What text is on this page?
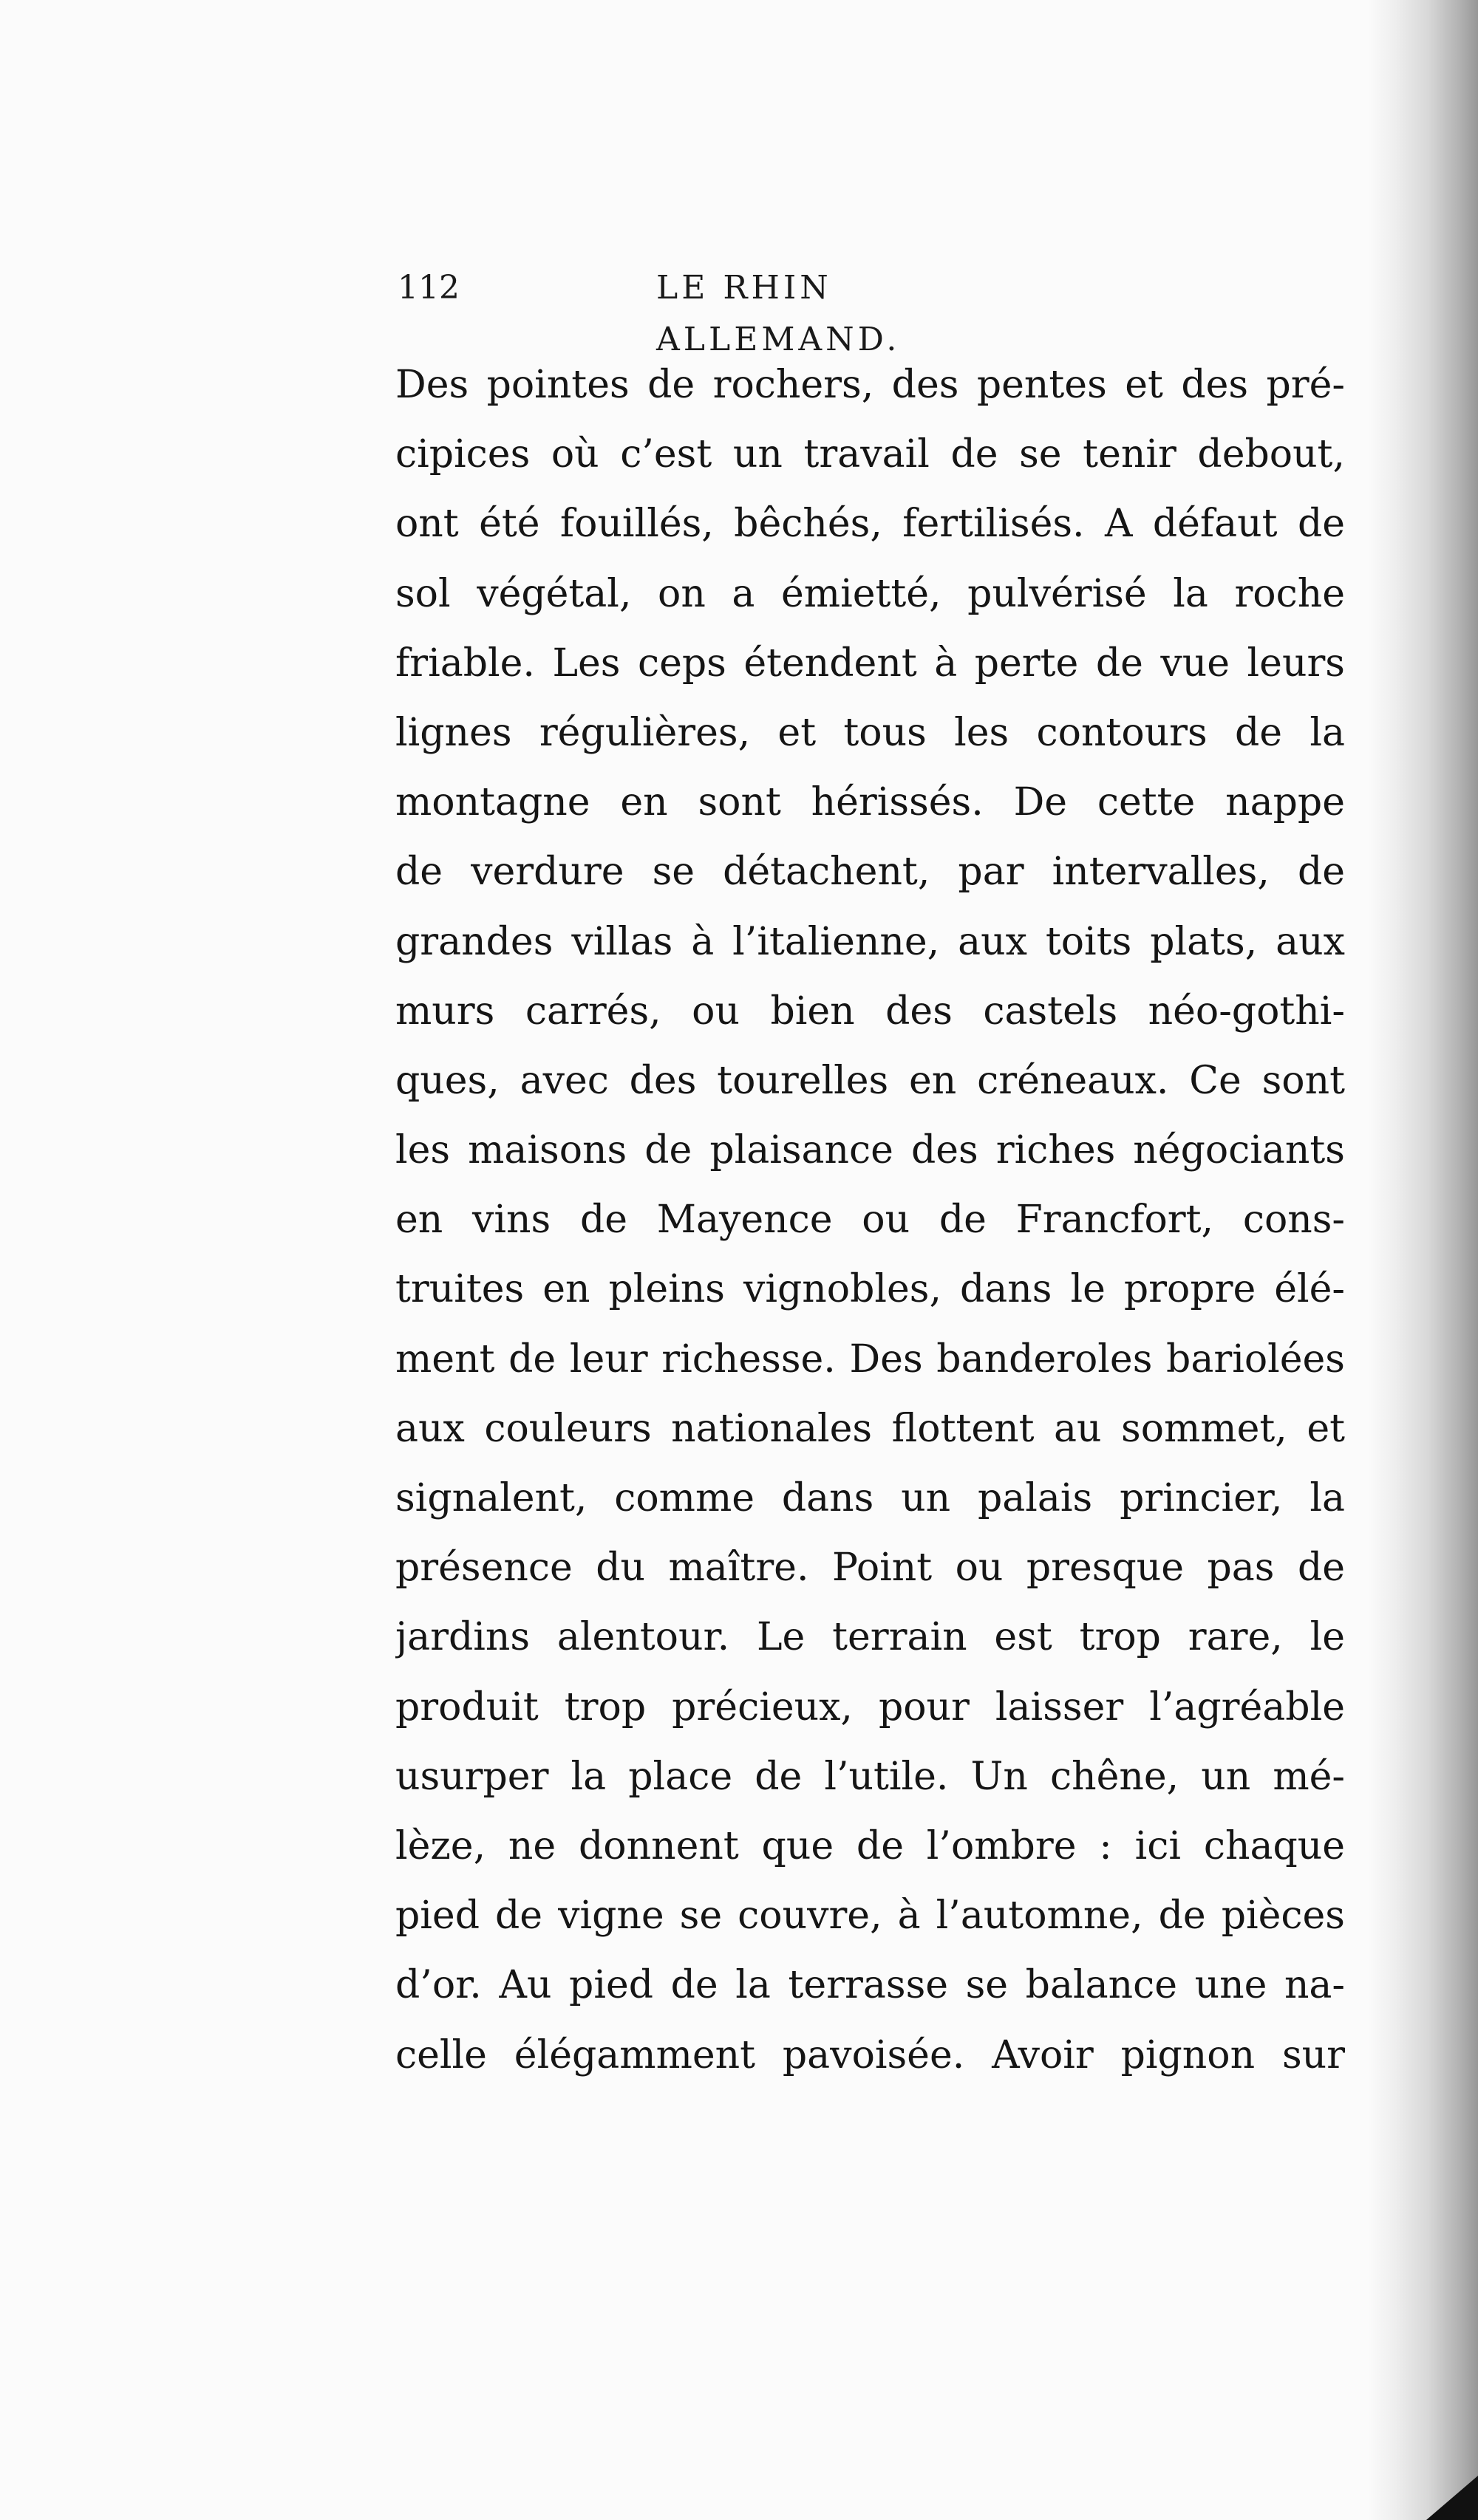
112	LE RHIN ALLEMAND.
Des pointes de rochers, des pentes et des pré-
cipices où c’est un travail de se tenir debout,
ont été fouillés, bêchés, fertilisés. A défaut de
sol végétal, on a émietté, pulvérisé la roche
friable. Les ceps étendent à perte de vue leurs
lignes régulières, et tous les contours de la
montagne en sont hérissés. De cette nappe
de verdure se détachent, par intervalles, de
grandes villas à l’italienne, aux toits plats, aux
murs carrés, ou bien des castels néo-gothi-
ques, avec des tourelles en créneaux. Ce sont
les maisons de plaisance des riches négociants
en vins de Mayence ou de Francfort, cons-
truites en pleins vignobles, dans le propre élé-
ment de leur richesse. Des banderoles bariolées
aux couleurs nationales flottent au sommet, et
signalent, comme dans un palais princier, la
présence du maître. Point ou presque pas de
jardins alentour. Le terrain est trop rare, le
produit trop précieux, pour laisser l’agréable
usurper la place de l’utile. Un chêne, un mé-
lèze, ne donnent que de l’ombre : ici chaque
pied de vigne se couvre, à l’automne, de pièces
d’or. Au pied de la terrasse se balance une na-
celle élégamment pavoisée. Avoir pignon sur
